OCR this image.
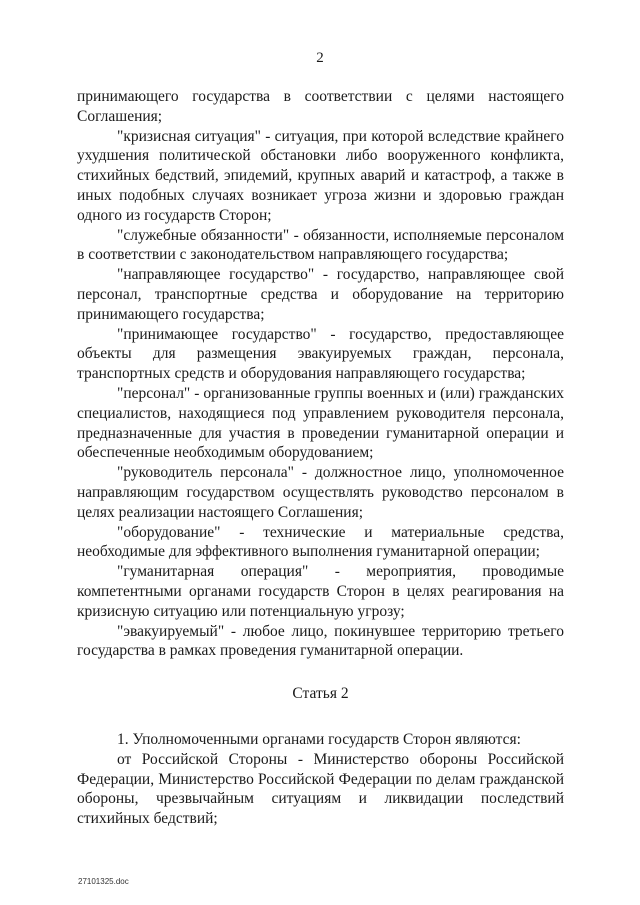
2

принимающего государства в соответствии с целями настоящего Соглашения;

"кризисная ситуация" - ситуация, при которой вследствие крайнего ухудшения политической обстановки либо вооруженного конфликта, стихийных бедствий, эпидемий, крупных аварий и катастроф, а также в иных подобных случаях возникает угроза жизни и здоровью граждан одного из государств Сторон;

"служебные обязанности" - обязанности, исполняемые персоналом в соответствии с законодательством направляющего государства;

"направляющее государство" - государство, направляющее свой персонал, транспортные средства и оборудование на территорию принимающего государства;

"принимающее государство" - государство, предоставляющее объекты для размещения эвакуируемых граждан, персонала, транспортных средств и оборудования направляющего государства;

"персонал" - организованные группы военных и (или) гражданских специалистов, находящиеся под управлением руководителя персонала, предназначенные для участия в проведении гуманитарной операции и обеспеченные необходимым оборудованием;

"руководитель персонала" - должностное лицо, уполномоченное направляющим государством осуществлять руководство персоналом в целях реализации настоящего Соглашения;

"оборудование" - технические и материальные средства, необходимые для эффективного выполнения гуманитарной операции;

"гуманитарная операция" - мероприятия, проводимые компетентными органами государств Сторон в целях реагирования на кризисную ситуацию или потенциальную угрозу;

"эвакуируемый" - любое лицо, покинувшее территорию третьего государства в рамках проведения гуманитарной операции.

Статья 2

1. Уполномоченными органами государств Сторон являются:

от Российской Стороны - Министерство обороны Российской Федерации, Министерство Российской Федерации по делам гражданской обороны, чрезвычайным ситуациям и ликвидации последствий стихийных бедствий;

27101325.doc
